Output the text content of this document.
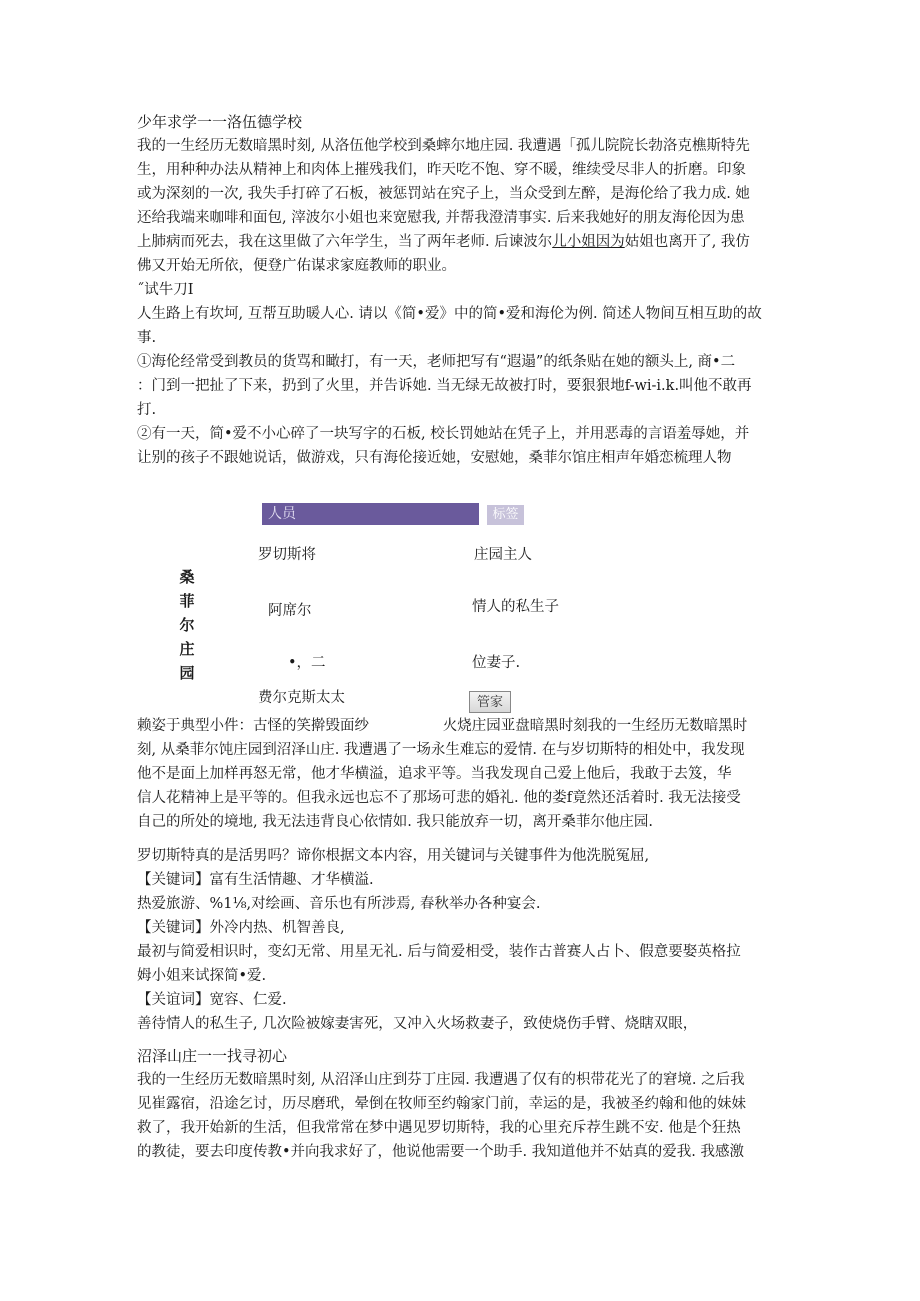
少年求学一一洛伍德学校
我的一生经历无数暗黑时刻, 从洛伍他学校到桑蟀尔地庄园. 我遭遇「孤儿院院长勃洛克樵斯特先
生，用种种办法从精神上和肉体上摧残我们，昨天吃不饱、穿不暖，维续受尽非人的折磨。印象
或为深刻的一次, 我失手打碎了石板，被惩罚站在究子上，当众受到左醉，是海伦给了我力成. 她
还给我端来咖啡和面包, 滓波尔小姐也来宽慰我, 并帮我澄清事实. 后来我她好的朋友海伦因为患
上肺病而死去，我在这里做了六年学生，当了两年老师. 后谏波尔儿小姐因为姑姐也离开了, 我仿
佛又开始无所依，便登广佑谋求家庭教师的职业。
˝试牛刀I
人生路上有坎坷, 互帮互助暖人心. 请以《简•爱》中的简•爱和海伦为例. 简述人物间互相互助的故
事.
①海伦经常受到教员的货骂和瞰打，有一天，老师把写有“遐遢”的纸条贴在她的额头上, 商•二
：门到一把扯了下来，扔到了火里，并告诉她. 当无绿无故被打时，要狠狠地f-wi-i.k.叫他不敢再
打.
②有一天，简•爱不小心碎了一块写字的石板, 校长罚她站在凭子上，并用恶毒的言语羞辱她，并
让别的孩子不跟她说话，做游戏，只有海伦接近她，安慰她，桑菲尔馆庄相声年婚恋梳理人物
人员	标签
桑
菲
尔
庄
园
罗切斯将
阿席尔
•，二
费尔克斯太太
庄园主人
情人的私生子
位妻子.
管家
赖姿于典型小件：古怪的笑擀毁面纱                火烧庄园亚盘暗黑时刻我的一生经历无数暗黑时
刻, 从桑菲尔饨庄园到沼泽山庄. 我遭遇了一场永生难忘的爱情. 在与岁切斯特的相处中，我发现
他不是面上加样再怒无常，他才华横溢，追求平等。当我发现自己爱上他后，我敢于去笈，华
信人花精神上是平等的。但我永远也忘不了那场可悲的婚礼. 他的娄f竟然还活着时. 我无法接受
自己的所处的境地, 我无法违背良心依情如. 我只能放弃一切，离开桑菲尔他庄园.
罗切斯特真的是活男吗？谛你根据文本内容，用关键词与关键事件为他洗脱冤屈,
【关键词】富有生活情趣、才华横溢.
热爱旅游、%1⅛,对绘画、音乐也有所涉焉, 春秋举办各种宴会.
【关键词】外冷内热、机智善良,
最初与简爱相识时，变幻无常、用星无礼. 后与简爱相受，装作古普赛人占卜、假意要娶英格拉
姆小姐来试探简•爱.
【关谊词】宽容、仁爱.
善待情人的私生子, 几次险被嫁妻害死，又冲入火场救妻子，致使烧伤手臂、烧瞎双眼，
沼泽山庄一一找寻初心
我的一生经历无数暗黑时刻, 从沼泽山庄到芬丁庄园. 我遭遇了仅有的枳带花光了的窘境. 之后我
见崔露宿，沿途乞讨，历尽磨玳，晕倒在牧师至约翰家门前，幸运的是，我被圣约翰和他的妹妹
救了，我开始新的生活，但我常常在梦中遇见罗切斯特，我的心里充斥荐生跳不安. 他是个狂热
的教徒，要去印度传教•并向我求好了，他说他需要一个助手. 我知道他并不姑真的爱我. 我感激
